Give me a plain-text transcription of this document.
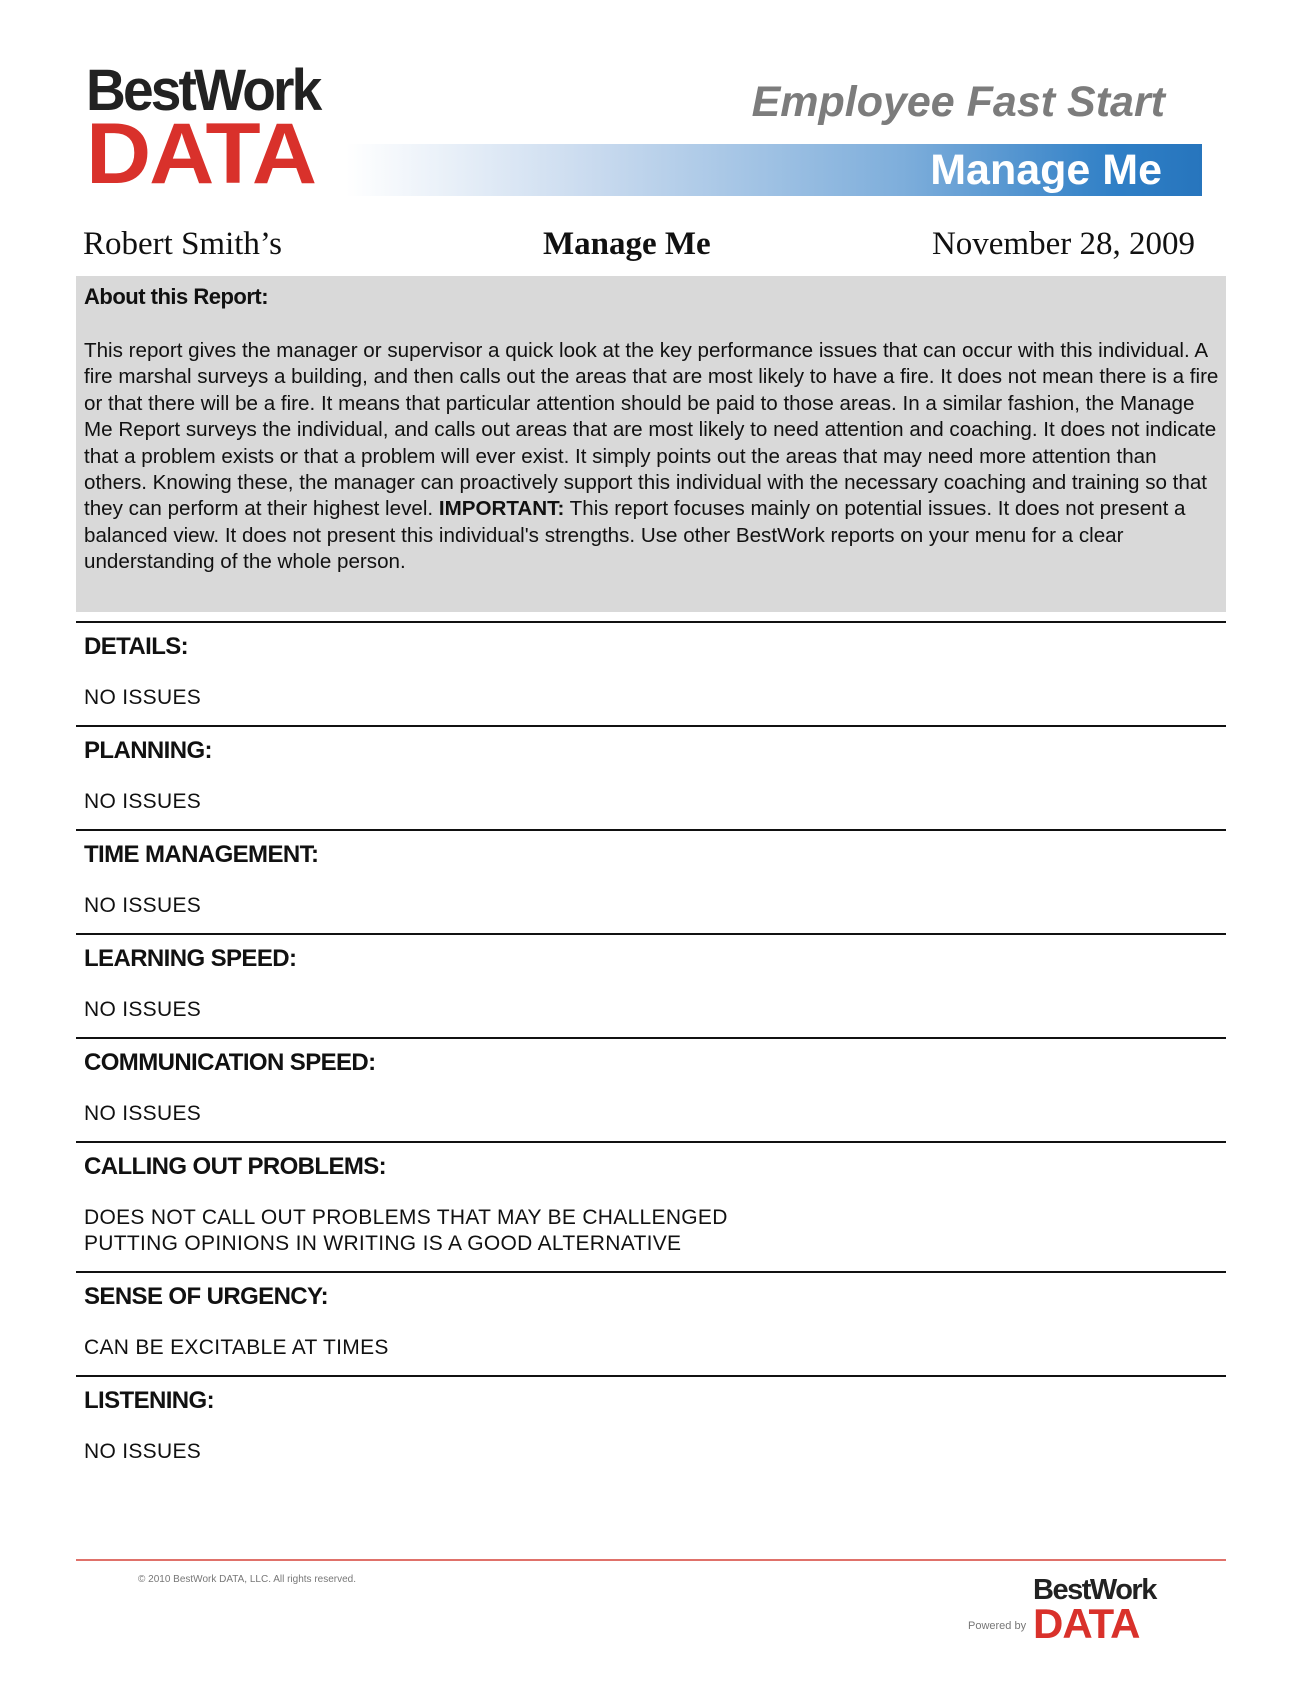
BestWork
DATA
Employee Fast Start
Manage Me
Robert Smith’s	Manage Me	November 28, 2009
About this Report:
This report gives the manager or supervisor a quick look at the key performance issues that can occur with this individual. A fire marshal surveys a building, and then calls out the areas that are most likely to have a fire. It does not mean there is a fire or that there will be a fire. It means that particular attention should be paid to those areas. In a similar fashion, the Manage Me Report surveys the individual, and calls out areas that are most likely to need attention and coaching. It does not indicate that a problem exists or that a problem will ever exist. It simply points out the areas that may need more attention than others. Knowing these, the manager can proactively support this individual with the necessary coaching and training so that they can perform at their highest level. IMPORTANT: This report focuses mainly on potential issues. It does not present a balanced view. It does not present this individual's strengths. Use other BestWork reports on your menu for a clear understanding of the whole person.
DETAILS:
NO ISSUES
PLANNING:
NO ISSUES
TIME MANAGEMENT:
NO ISSUES
LEARNING SPEED:
NO ISSUES
COMMUNICATION SPEED:
NO ISSUES
CALLING OUT PROBLEMS:
DOES NOT CALL OUT PROBLEMS THAT MAY BE CHALLENGED
PUTTING OPINIONS IN WRITING IS A GOOD ALTERNATIVE
SENSE OF URGENCY:
CAN BE EXCITABLE AT TIMES
LISTENING:
NO ISSUES
© 2010 BestWork DATA, LLC. All rights reserved.
Powered by
BestWork
DATA
